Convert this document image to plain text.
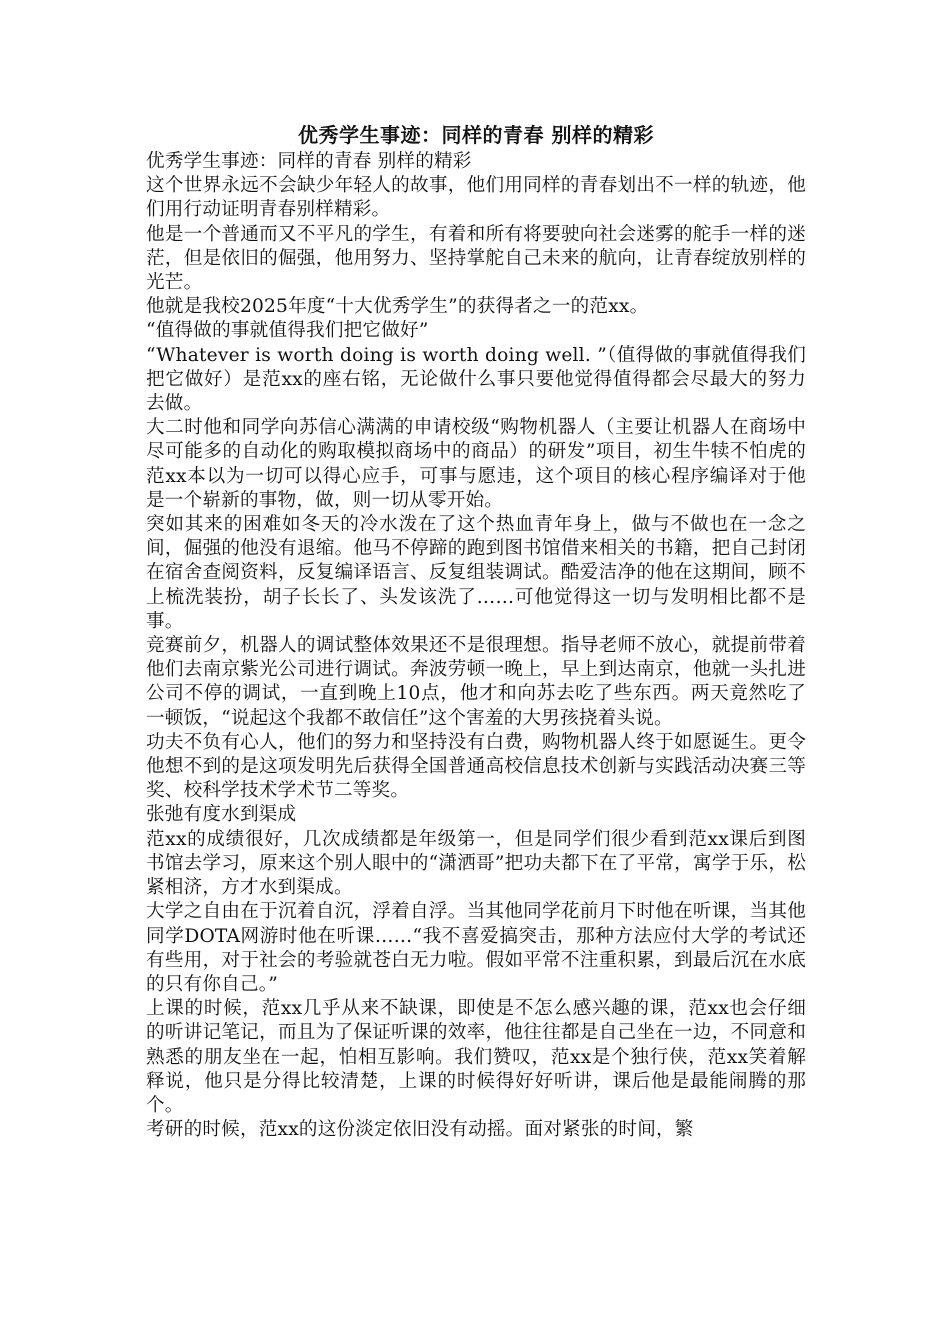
优秀学生事迹：同样的青春 别样的精彩

优秀学生事迹：同样的青春 别样的精彩

这个世界永远不会缺少年轻人的故事，他们用同样的青春划出不一样的轨迹，他们用行动证明青春别样精彩。

他是一个普通而又不平凡的学生，有着和所有将要驶向社会迷雾的舵手一样的迷茫，但是依旧的倔强，他用努力、坚持掌舵自己未来的航向，让青春绽放别样的光芒。

他就是我校2025年度“十大优秀学生”的获得者之一的范xx。

“值得做的事就值得我们把它做好”

“Whatever is worth doing is worth doing well. ”（值得做的事就值得我们把它做好）是范xx的座右铭，无论做什么事只要他觉得值得都会尽最大的努力去做。

大二时他和同学向苏信心满满的申请校级“购物机器人（主要让机器人在商场中尽可能多的自动化的购取模拟商场中的商品）的研发”项目，初生牛犊不怕虎的范xx本以为一切可以得心应手，可事与愿违，这个项目的核心程序编译对于他是一个崭新的事物，做，则一切从零开始。

突如其来的困难如冬天的冷水泼在了这个热血青年身上，做与不做也在一念之间，倔强的他没有退缩。他马不停蹄的跑到图书馆借来相关的书籍，把自己封闭在宿舍查阅资料，反复编译语言、反复组装调试。酷爱洁净的他在这期间，顾不上梳洗装扮，胡子长长了、头发该洗了……可他觉得这一切与发明相比都不是事。

竞赛前夕，机器人的调试整体效果还不是很理想。指导老师不放心，就提前带着他们去南京紫光公司进行调试。奔波劳顿一晚上，早上到达南京，他就一头扎进公司不停的调试，一直到晚上10点，他才和向苏去吃了些东西。两天竟然吃了一顿饭，“说起这个我都不敢信任”这个害羞的大男孩挠着头说。

功夫不负有心人，他们的努力和坚持没有白费，购物机器人终于如愿诞生。更令他想不到的是这项发明先后获得全国普通高校信息技术创新与实践活动决赛三等奖、校科学技术学术节二等奖。

张弛有度水到渠成

范xx的成绩很好，几次成绩都是年级第一，但是同学们很少看到范xx课后到图书馆去学习，原来这个别人眼中的“潇洒哥”把功夫都下在了平常，寓学于乐，松紧相济，方才水到渠成。

大学之自由在于沉着自沉，浮着自浮。当其他同学花前月下时他在听课，当其他同学DOTA网游时他在听课……“我不喜爱搞突击，那种方法应付大学的考试还有些用，对于社会的考验就苍白无力啦。假如平常不注重积累，到最后沉在水底的只有你自己。”

上课的时候，范xx几乎从来不缺课，即使是不怎么感兴趣的课，范xx也会仔细的听讲记笔记，而且为了保证听课的效率，他往往都是自己坐在一边，不同意和熟悉的朋友坐在一起，怕相互影响。我们赞叹，范xx是个独行侠，范xx笑着解释说，他只是分得比较清楚，上课的时候得好好听讲，课后他是最能闹腾的那个。

考研的时候，范xx的这份淡定依旧没有动摇。面对紧张的时间，繁
